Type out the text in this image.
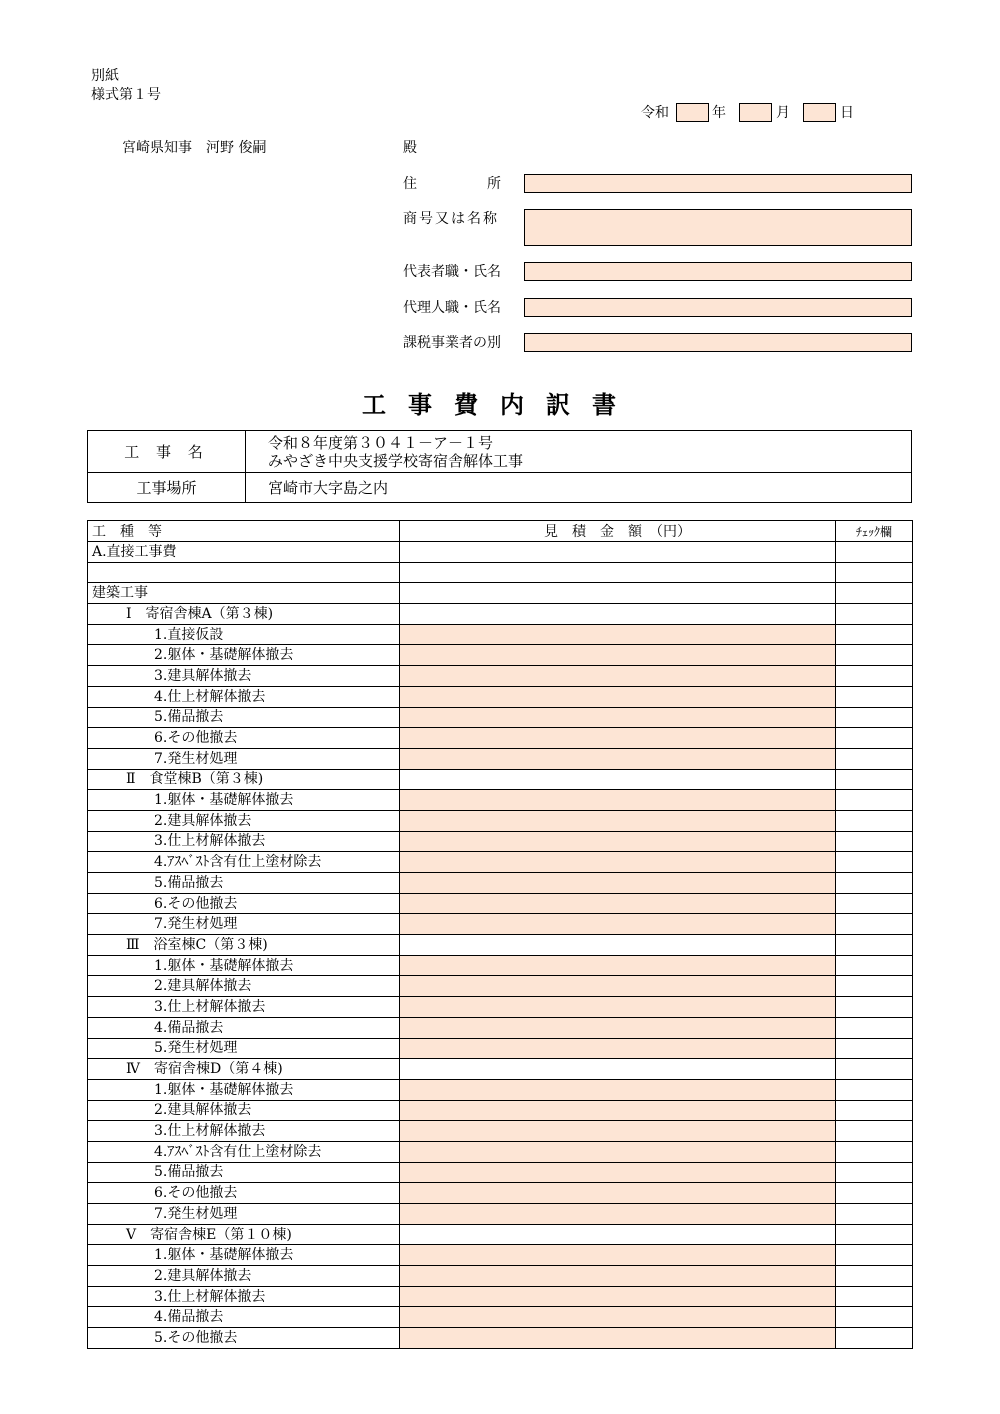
別紙
様式第１号
令和	年	月	日
宮崎県知事　河野 俊嗣	殿
住　　　　　所
商号又は名称
代表者職・氏名
代理人職・氏名
課税事業者の別
工事費内訳書
工 事 名	令和８年度第３０４１－ア－１号
みやざき中央支援学校寄宿舎解体工事

工事場所	宮崎市大字島之内
工　種　等	見　積　金　額　（円）	ﾁｪｯｸ欄
A.直接工事費		

建築工事		
Ⅰ　寄宿舎棟A（第３棟)		
1.直接仮設		
2.躯体・基礎解体撤去		
3.建具解体撤去		
4.仕上材解体撤去		
5.備品撤去		
6.その他撤去		
7.発生材処理		
Ⅱ　食堂棟B（第３棟)		
1.躯体・基礎解体撤去		
2.建具解体撤去		
3.仕上材解体撤去		
4.ｱｽﾍﾞｽﾄ含有仕上塗材除去		
5.備品撤去		
6.その他撤去		
7.発生材処理		
Ⅲ　浴室棟C（第３棟)		
1.躯体・基礎解体撤去		
2.建具解体撤去		
3.仕上材解体撤去		
4.備品撤去		
5.発生材処理		
Ⅳ　寄宿舎棟D（第４棟)		
1.躯体・基礎解体撤去		
2.建具解体撤去		
3.仕上材解体撤去		
4.ｱｽﾍﾞｽﾄ含有仕上塗材除去		
5.備品撤去		
6.その他撤去		
7.発生材処理		
Ⅴ　寄宿舎棟E（第１０棟)		
1.躯体・基礎解体撤去		
2.建具解体撤去		
3.仕上材解体撤去		
4.備品撤去		
5.その他撤去		
